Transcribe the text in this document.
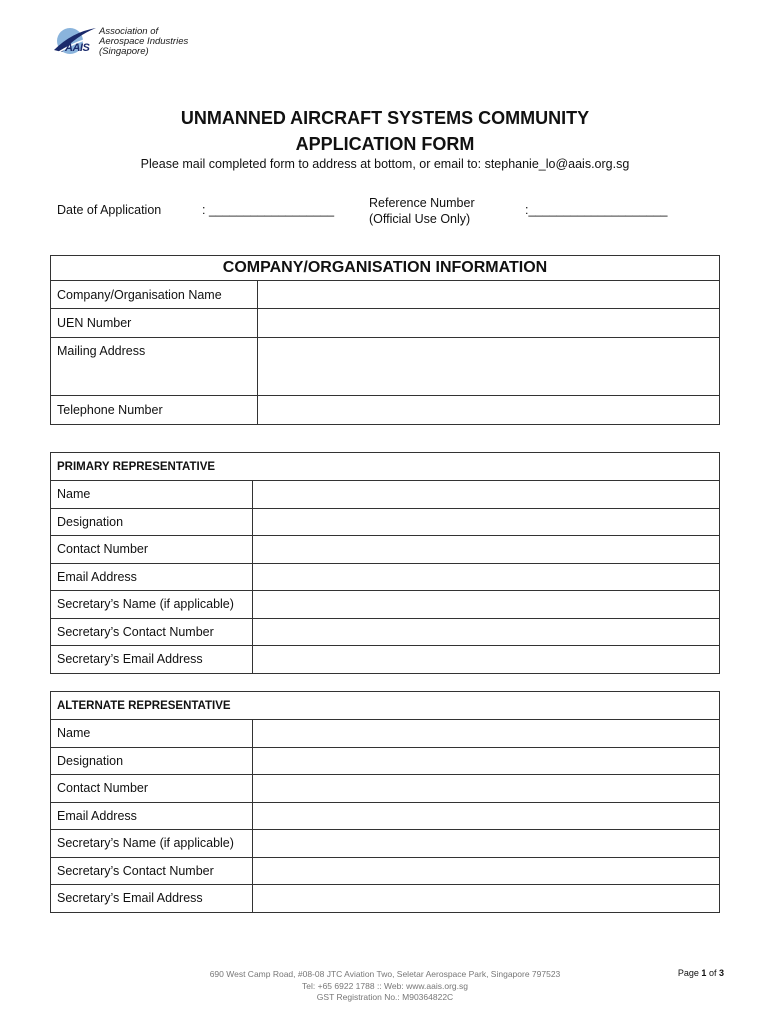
AAIS
Association of
Aerospace Industries
(Singapore)
UNMANNED AIRCRAFT SYSTEMS COMMUNITY
APPLICATION FORM
Please mail completed form to address at bottom, or email to: stephanie_lo@aais.org.sg
Date of Application	: __________________	Reference Number
(Official Use Only)
:____________________
COMPANY/ORGANISATION INFORMATION	
Company/Organisation Name	
UEN Number	
Mailing Address	
Telephone Number	
PRIMARY REPRESENTATIVE	
Name	
Designation	
Contact Number	
Email Address	
Secretary’s Name (if applicable)	
Secretary’s Contact Number	
Secretary’s Email Address	
ALTERNATE REPRESENTATIVE	
Name	
Designation	
Contact Number	
Email Address	
Secretary’s Name (if applicable)	
Secretary’s Contact Number	
Secretary’s Email Address	
690 West Camp Road, #08-08 JTC Aviation Two, Seletar Aerospace Park, Singapore 797523
Tel: +65 6922 1788 :: Web: www.aais.org.sg
GST Registration No.: M90364822C
Page 1 of 3
